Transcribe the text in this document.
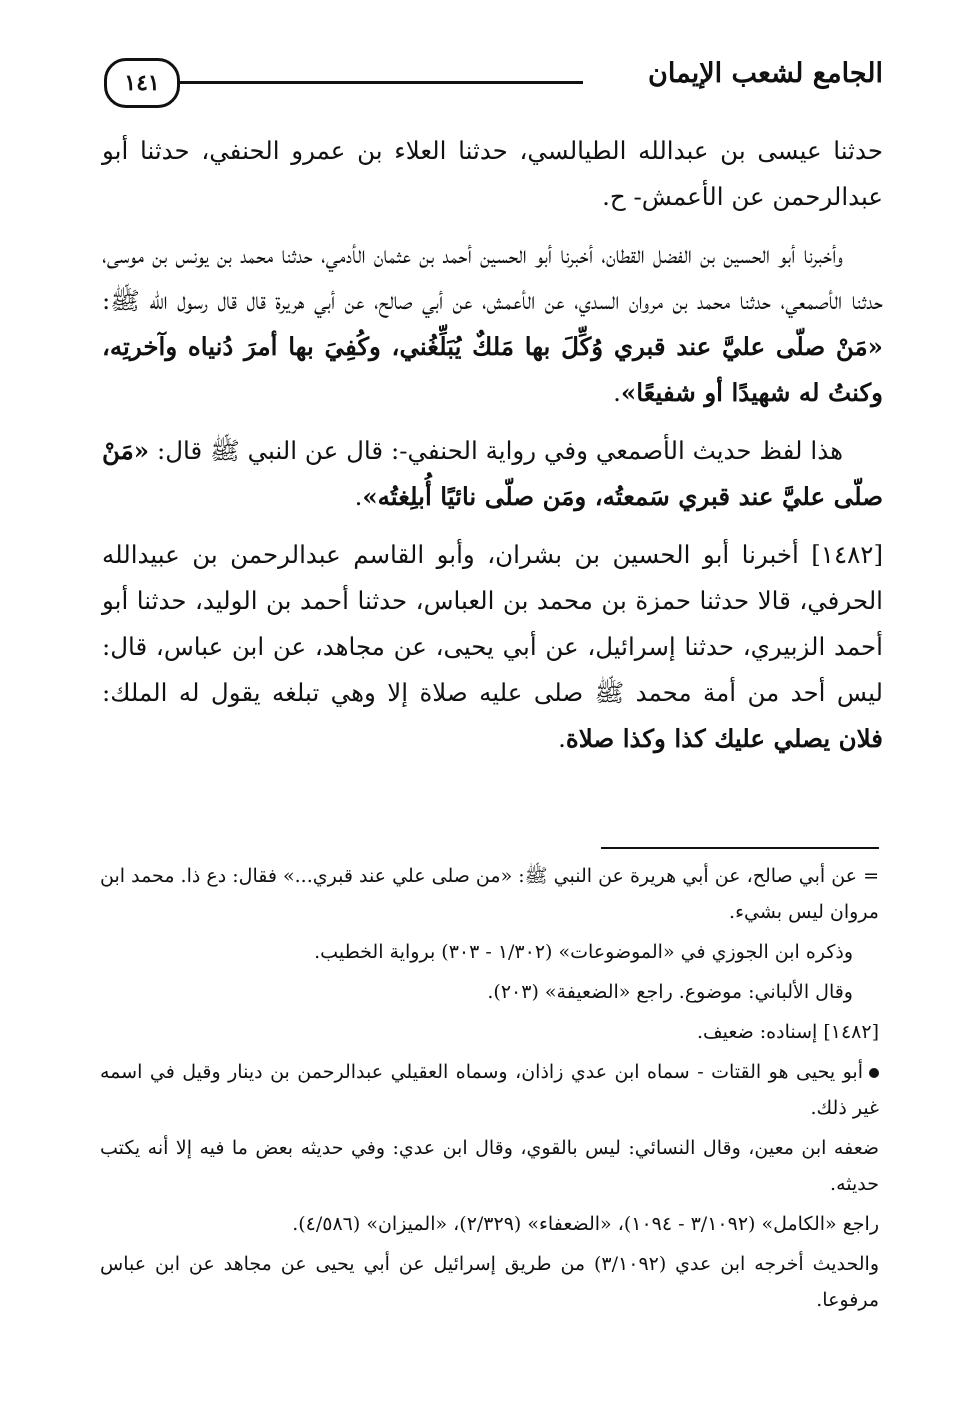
الجامع لشعب الإيمان
١٤١

حدثنا عيسى بن عبدالله الطيالسي، حدثنا العلاء بن عمرو الحنفي، حدثنا أبو عبدالرحمن عن الأعمش- ح.

وأخبرنا أبو الحسين بن الفضل القطان، أخبرنا أبو الحسين أحمد بن عثمان الأدمي، حدثنا محمد بن يونس بن موسى، حدثنا الأصمعي، حدثنا محمد بن مروان السدي، عن الأعمش، عن أبي صالح، عن أبي هريرة قال قال رسول الله ﷺ: «مَنْ صلّى عليَّ عند قبري وُكِّلَ بها مَلكٌ يُبَلِّغُني، وكُفِيَ بها أمرَ دُنياه وآخرتِه، وكنتُ له شهيدًا أو شفيعًا».

هذا لفظ حديث الأصمعي وفي رواية الحنفي-: قال عن النبي ﷺ قال: «مَنْ صلّى عليَّ عند قبري سَمعتُه، ومَن صلّى نائيًا أُبلِغتُه».

[١٤٨٢] أخبرنا أبو الحسين بن بشران، وأبو القاسم عبدالرحمن بن عبيدالله الحرفي، قالا حدثنا حمزة بن محمد بن العباس، حدثنا أحمد بن الوليد، حدثنا أبو أحمد الزبيري، حدثنا إسرائيل، عن أبي يحيى، عن مجاهد، عن ابن عباس، قال: ليس أحد من أمة محمد ﷺ صلى عليه صلاة إلا وهي تبلغه يقول له الملك: فلان يصلي عليك كذا وكذا صلاة.

= عن أبي صالح، عن أبي هريرة عن النبي ﷺ: «من صلى علي عند قبري...» فقال: دع ذا. محمد ابن مروان ليس بشيء.

وذكره ابن الجوزي في «الموضوعات» (١/٣٠٢ - ٣٠٣) برواية الخطيب.

وقال الألباني: موضوع. راجع «الضعيفة» (٢٠٣).

[١٤٨٢] إسناده: ضعيف.

أبو يحيى هو القتات - سماه ابن عدي زاذان، وسماه العقيلي عبدالرحمن بن دينار وقيل في اسمه غير ذلك.

ضعفه ابن معين، وقال النسائي: ليس بالقوي، وقال ابن عدي: وفي حديثه بعض ما فيه إلا أنه يكتب حديثه.

راجع «الكامل» (٣/١٠٩٢ - ١٠٩٤)، «الضعفاء» (٢/٣٢٩)، «الميزان» (٤/٥٨٦).

والحديث أخرجه ابن عدي (٣/١٠٩٢) من طريق إسرائيل عن أبي يحيى عن مجاهد عن ابن عباس مرفوعا.
